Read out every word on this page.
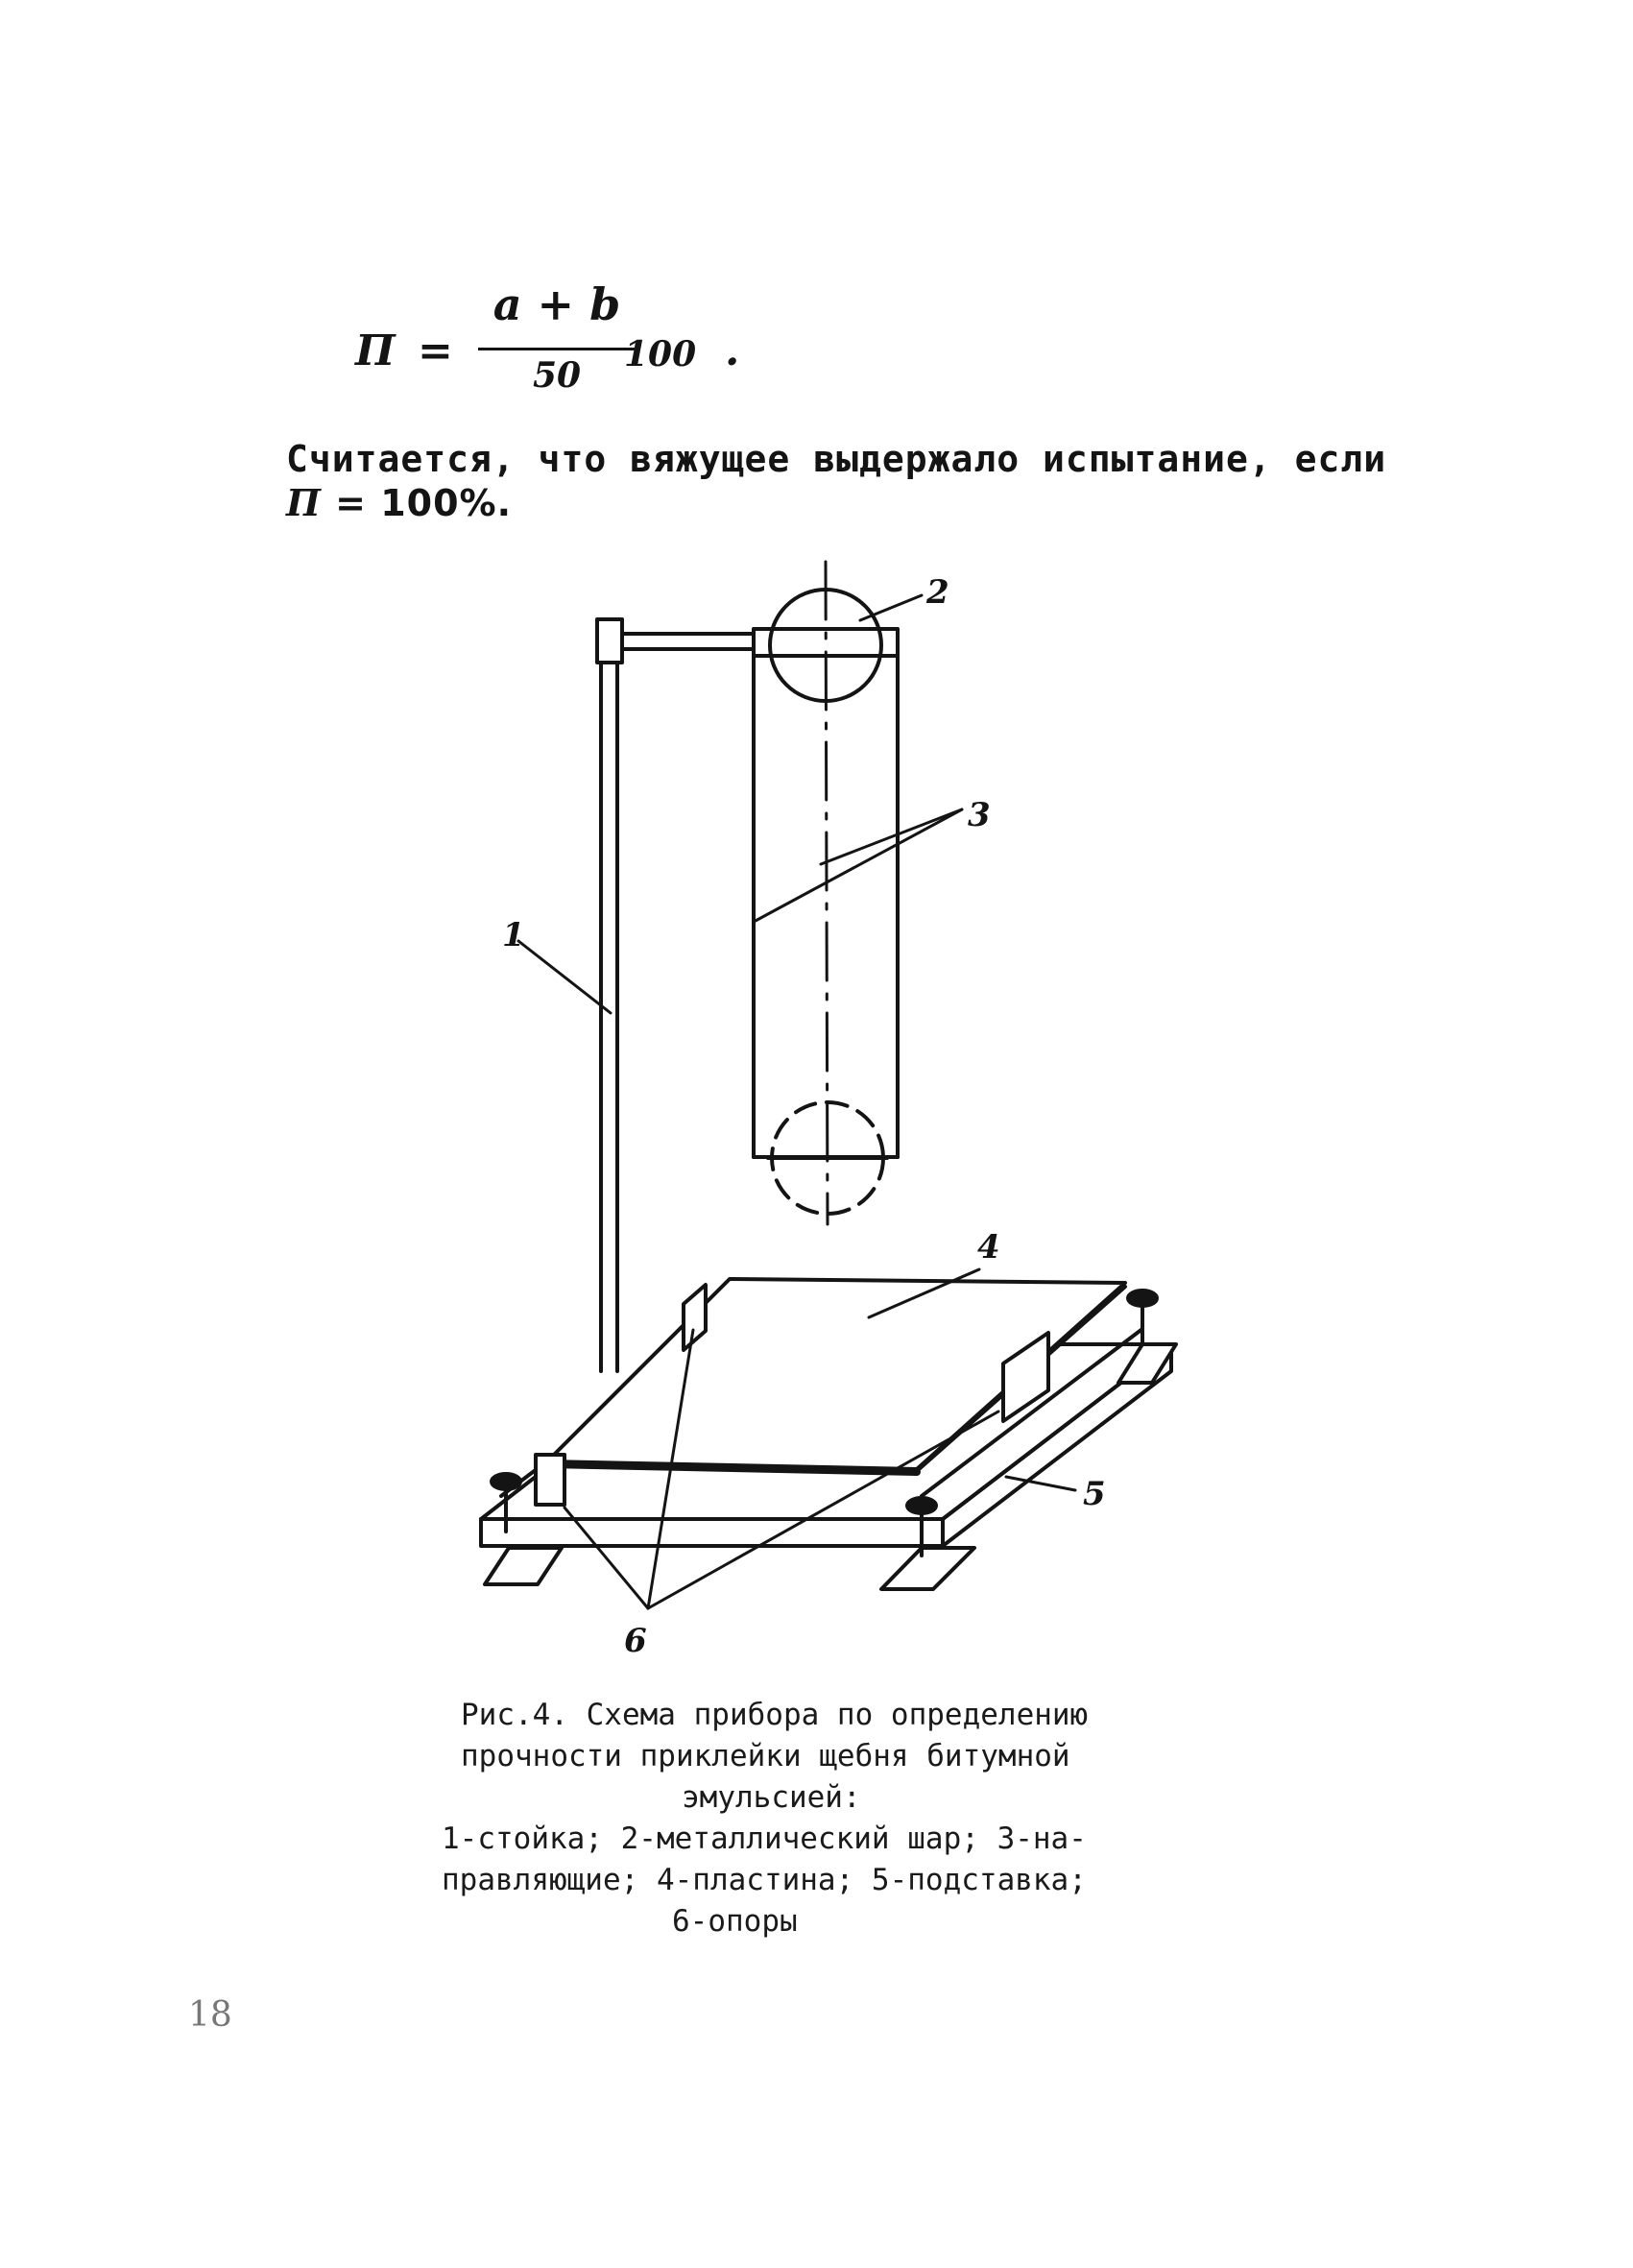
П =
a + b
50
100 .
Считается, что вяжущее выдержало испытание, если
П = 100%.
1
2
3
4
5
6
Рис.4. Схема прибора по определению
прочности приклейки щебня битумной
эмульсией:
1-стойка; 2-металлический шар; 3-на-
правляющие; 4-пластина; 5-подставка;
6-опоры
18
